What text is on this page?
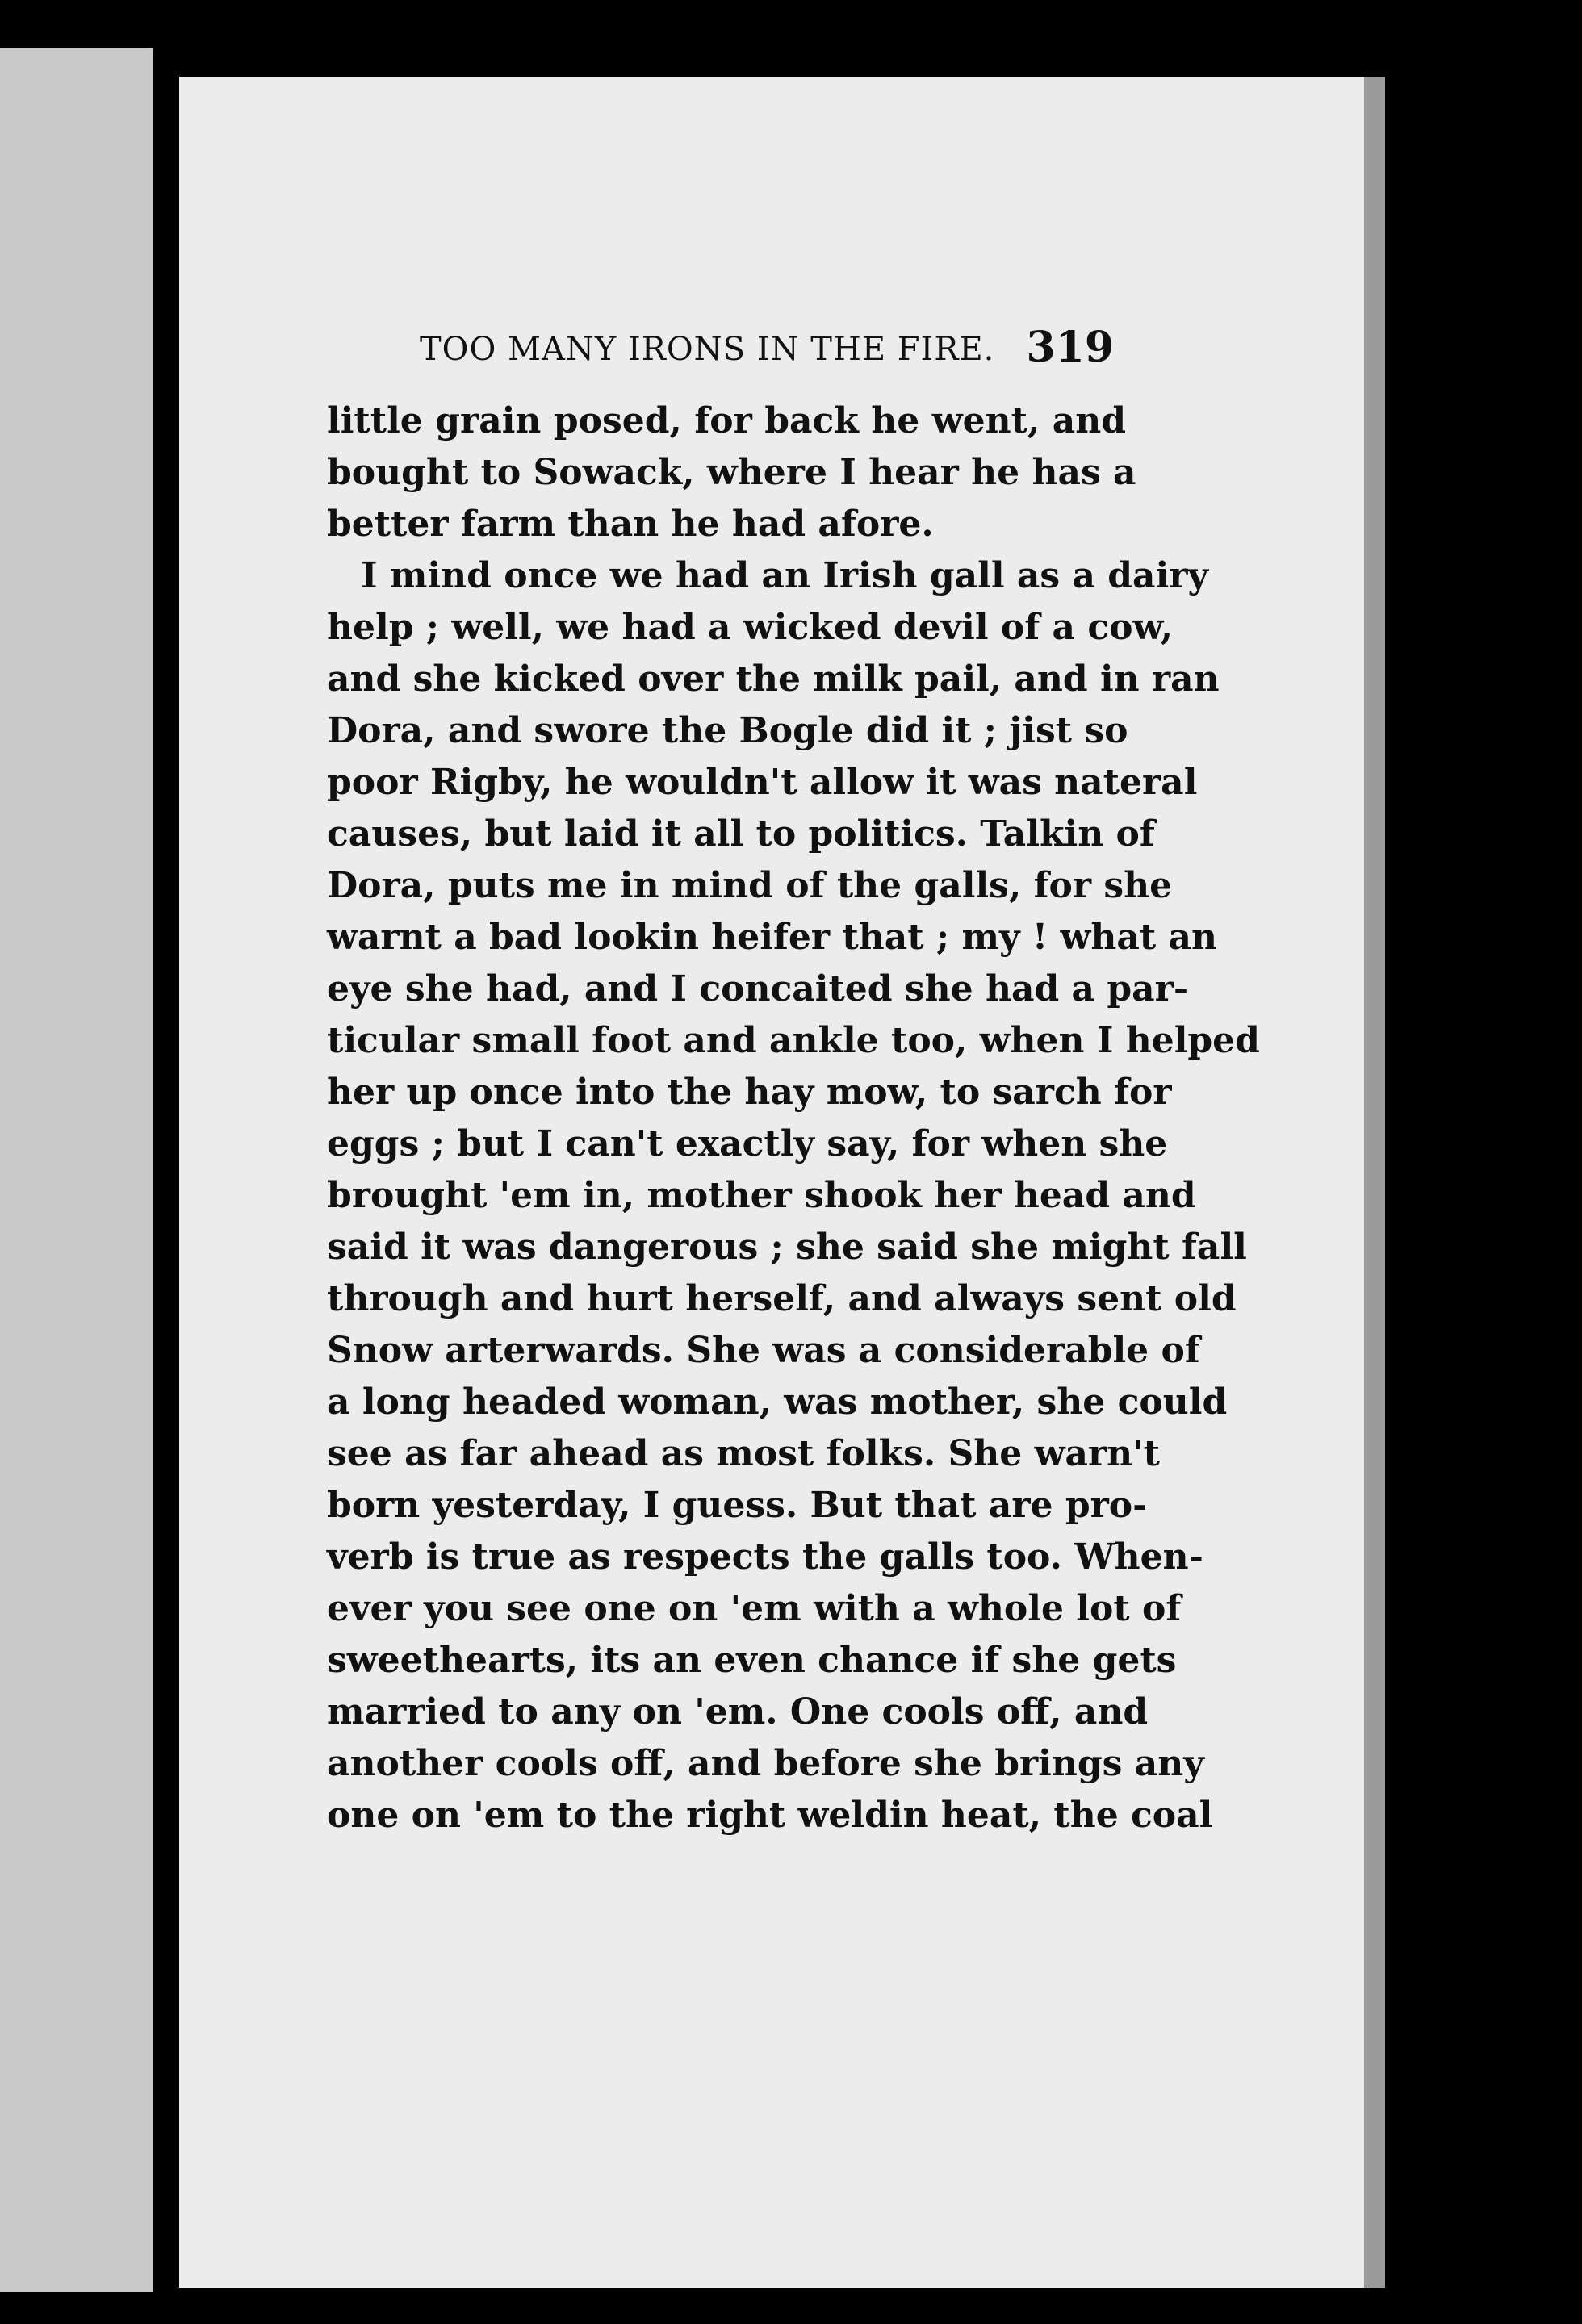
TOO MANY IRONS IN THE FIRE. 319
little grain posed, for back he went, and
bought to Sowack, where I hear he has a
better farm than he had afore.
I mind once we had an Irish gall as a dairy
help ; well, we had a wicked devil of a cow,
and she kicked over the milk pail, and in ran
Dora, and swore the Bogle did it ; jist so
poor Rigby, he wouldn't allow it was nateral
causes, but laid it all to politics. Talkin of
Dora, puts me in mind of the galls, for she
warnt a bad lookin heifer that ; my ! what an
eye she had, and I concaited she had a par-
ticular small foot and ankle too, when I helped
her up once into the hay mow, to sarch for
eggs ; but I can't exactly say, for when she
brought 'em in, mother shook her head and
said it was dangerous ; she said she might fall
through and hurt herself, and always sent old
Snow arterwards. She was a considerable of
a long headed woman, was mother, she could
see as far ahead as most folks. She warn't
born yesterday, I guess. But that are pro-
verb is true as respects the galls too. When-
ever you see one on 'em with a whole lot of
sweethearts, its an even chance if she gets
married to any on 'em. One cools off, and
another cools off, and before she brings any
one on 'em to the right weldin heat, the coal
